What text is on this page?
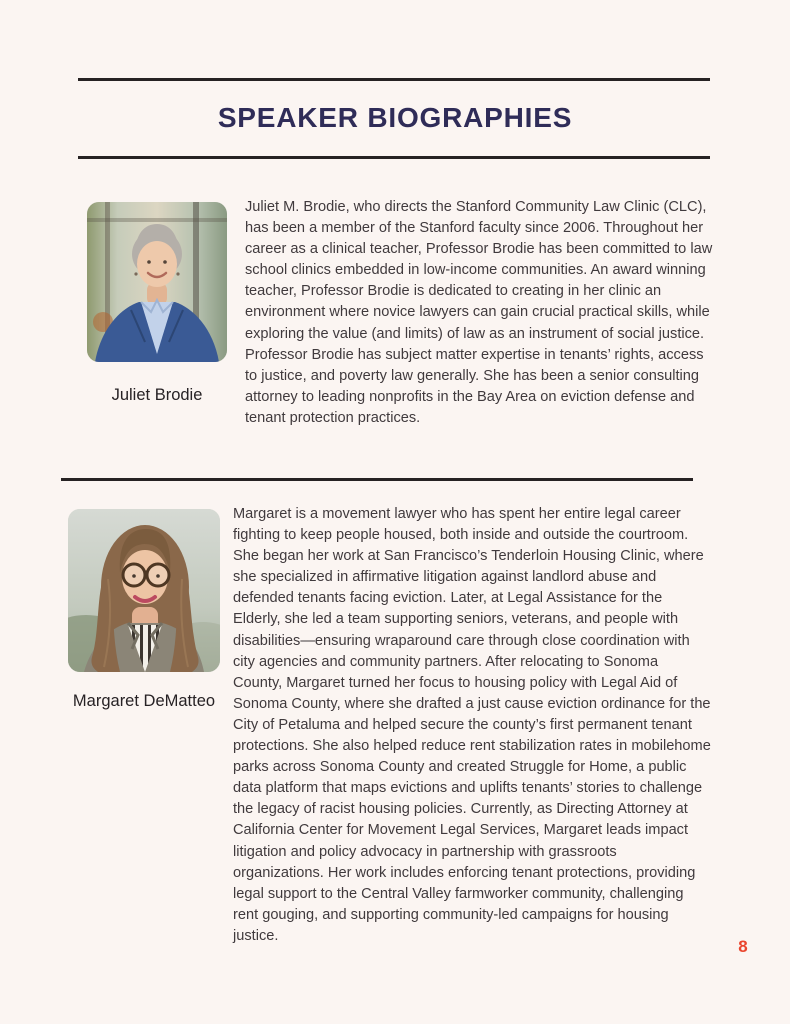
SPEAKER BIOGRAPHIES
Juliet Brodie

Juliet M. Brodie, who directs the Stanford Community Law Clinic (CLC), has been a member of the Stanford faculty since 2006. Throughout her career as a clinical teacher, Professor Brodie has been committed to law school clinics embedded in low-income communities. An award winning teacher, Professor Brodie is dedicated to creating in her clinic an environment where novice lawyers can gain crucial practical skills, while exploring the value (and limits) of law as an instrument of social justice. Professor Brodie has subject matter expertise in tenants’ rights, access to justice, and poverty law generally. She has been a senior consulting attorney to leading nonprofits in the Bay Area on eviction defense and tenant protection practices.

Margaret DeMatteo

Margaret is a movement lawyer who has spent her entire legal career fighting to keep people housed, both inside and outside the courtroom. She began her work at San Francisco’s Tenderloin Housing Clinic, where she specialized in affirmative litigation against landlord abuse and defended tenants facing eviction. Later, at Legal Assistance for the Elderly, she led a team supporting seniors, veterans, and people with disabilities—ensuring wraparound care through close coordination with city agencies and community partners. After relocating to Sonoma County, Margaret turned her focus to housing policy with Legal Aid of Sonoma County, where she drafted a just cause eviction ordinance for the City of Petaluma and helped secure the county’s first permanent tenant protections. She also helped reduce rent stabilization rates in mobilehome parks across Sonoma County and created Struggle for Home, a public data platform that maps evictions and uplifts tenants’ stories to challenge the legacy of racist housing policies. Currently, as Directing Attorney at California Center for Movement Legal Services, Margaret leads impact litigation and policy advocacy in partnership with grassroots organizations. Her work includes enforcing tenant protections, providing legal support to the Central Valley farmworker community, challenging rent gouging, and supporting community-led campaigns for housing justice.

8
